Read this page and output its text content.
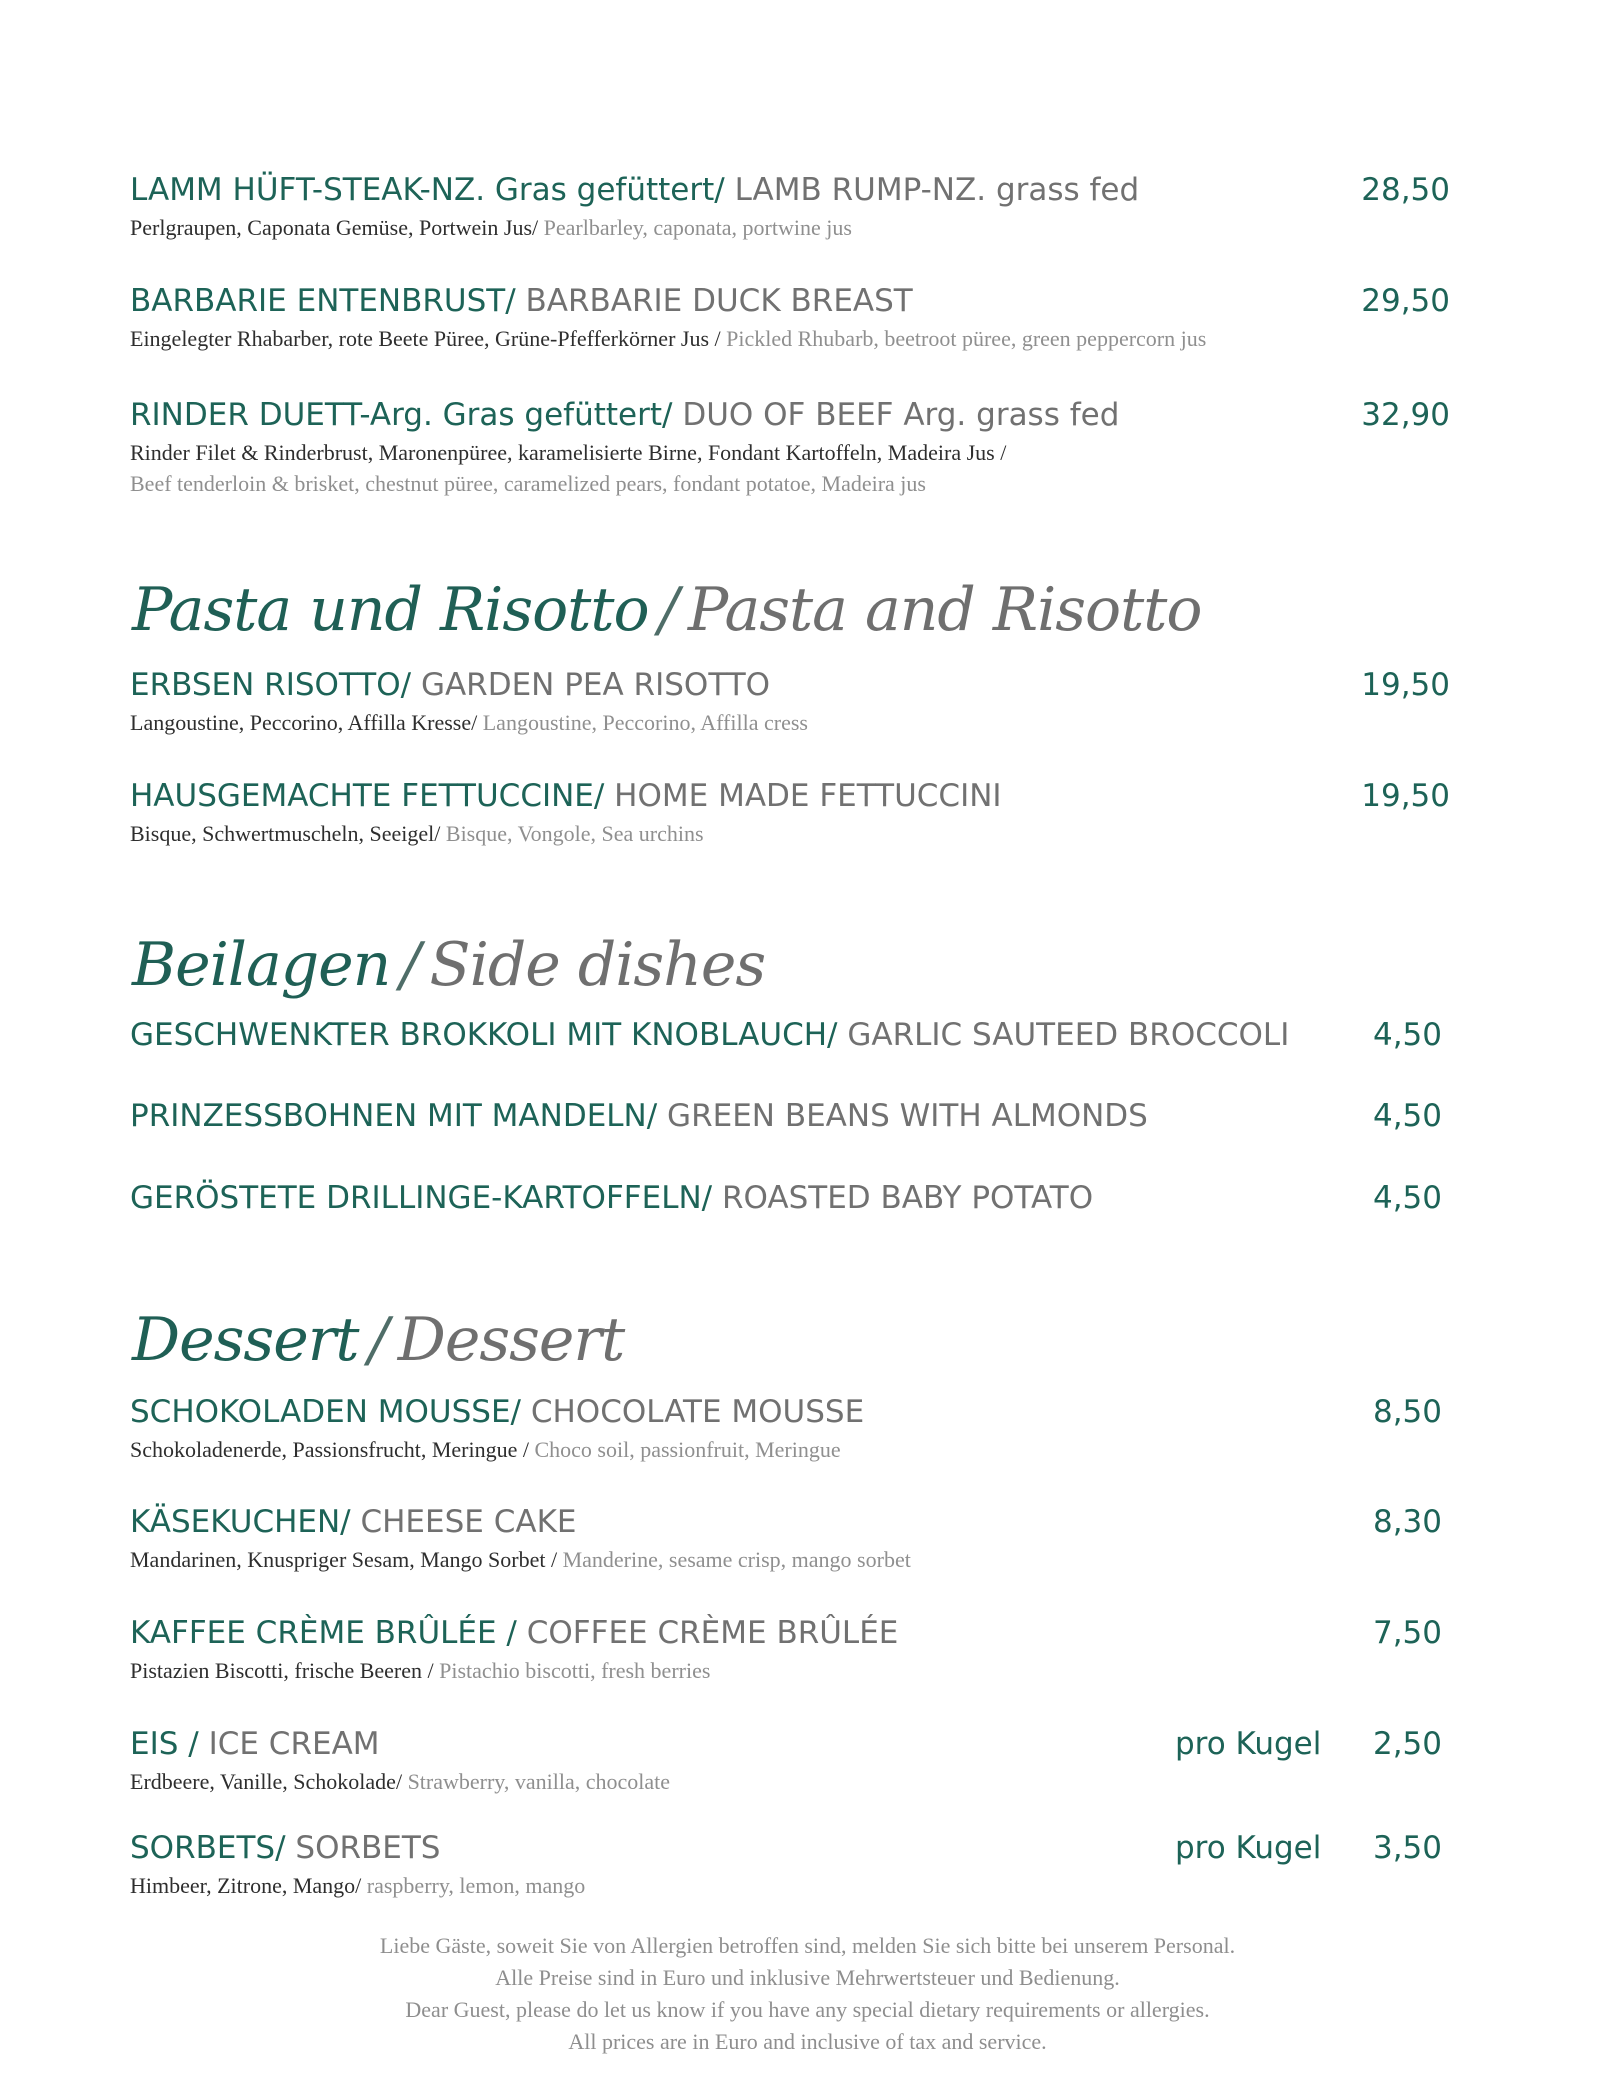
LAMM HÜFT-STEAK-NZ. Gras gefüttert/ LAMB RUMP-NZ. grass fed	28,50
Perlgraupen, Caponata Gemüse, Portwein Jus/ Pearlbarley, caponata, portwine jus
BARBARIE ENTENBRUST/ BARBARIE DUCK BREAST	29,50
Eingelegter Rhabarber, rote Beete Püree, Grüne-Pfefferkörner Jus / Pickled Rhubarb, beetroot püree, green peppercorn jus
RINDER DUETT-Arg. Gras gefüttert/ DUO OF BEEF Arg. grass fed	32,90
Rinder Filet & Rinderbrust, Maronenpüree, karamelisierte Birne, Fondant Kartoffeln, Madeira Jus /
Beef tenderloin & brisket, chestnut püree, caramelized pears, fondant potatoe, Madeira jus
Pasta und Risotto / Pasta and Risotto
ERBSEN RISOTTO/ GARDEN PEA RISOTTO	19,50
Langoustine, Peccorino, Affilla Kresse/ Langoustine, Peccorino, Affilla cress
HAUSGEMACHTE FETTUCCINE/ HOME MADE FETTUCCINI	19,50
Bisque, Schwertmuscheln, Seeigel/ Bisque, Vongole, Sea urchins
Beilagen / Side dishes
GESCHWENKTER BROKKOLI MIT KNOBLAUCH/ GARLIC SAUTEED BROCCOLI	4,50
PRINZESSBOHNEN MIT MANDELN/ GREEN BEANS WITH ALMONDS	4,50
GERÖSTETE DRILLINGE-KARTOFFELN/ ROASTED BABY POTATO	4,50
Dessert / Dessert
SCHOKOLADEN MOUSSE/ CHOCOLATE MOUSSE	8,50
Schokoladenerde, Passionsfrucht, Meringue / Choco soil, passionfruit, Meringue
KÄSEKUCHEN/ CHEESE CAKE	8,30
Mandarinen, Knuspriger Sesam, Mango Sorbet / Manderine, sesame crisp, mango sorbet
KAFFEE CRÈME BRÛLÉE / COFFEE CRÈME BRÛLÉE	7,50
Pistazien Biscotti, frische Beeren / Pistachio biscotti, fresh berries
EIS / ICE CREAM	pro Kugel	2,50
Erdbeere, Vanille, Schokolade/ Strawberry, vanilla, chocolate
SORBETS/ SORBETS	pro Kugel	3,50
Himbeer, Zitrone, Mango/ raspberry, lemon, mango
Liebe Gäste, soweit Sie von Allergien betroffen sind, melden Sie sich bitte bei unserem Personal.
Alle Preise sind in Euro und inklusive Mehrwertsteuer und Bedienung.
Dear Guest, please do let us know if you have any special dietary requirements or allergies.
All prices are in Euro and inclusive of tax and service.
